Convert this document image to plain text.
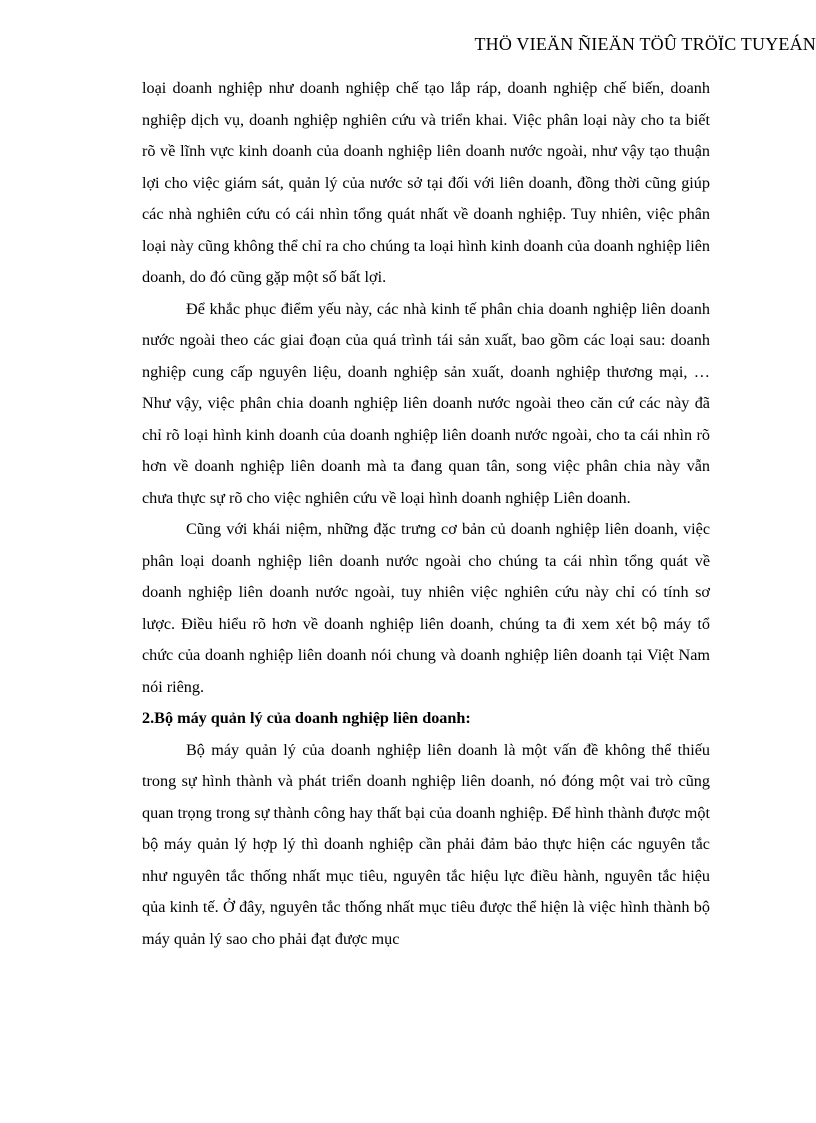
THÖ VIEÄN ÑIEÄN TÖÛ TRÖÏC TUYEÁN

loại doanh nghiệp như doanh nghiệp chế tạo lắp ráp, doanh nghiệp chế biến, doanh nghiệp dịch vụ, doanh nghiệp nghiên cứu và triển khai. Việc phân loại này cho ta biết rõ về lĩnh vực kinh doanh của doanh nghiệp liên doanh nước ngoài, như vậy tạo thuận lợi cho việc giám sát, quản lý của nước sở tại đối với liên doanh, đồng thời cũng giúp các nhà nghiên cứu có cái nhìn tổng quát nhất về doanh nghiệp. Tuy nhiên, việc phân loại này cũng không thể chỉ ra cho chúng ta loại hình kinh doanh của doanh nghiệp liên doanh, do đó cũng gặp một số bất lợi.

Để khắc phục điểm yếu này, các nhà kinh tế phân chia doanh nghiệp liên doanh nước ngoài theo các giai đoạn của quá trình tái sản xuất, bao gồm các loại sau: doanh nghiệp cung cấp nguyên liệu, doanh nghiệp sản xuất, doanh nghiệp thương mại, … Như vậy, việc phân chia doanh nghiệp liên doanh nước ngoài theo căn cứ các này đã chỉ rõ loại hình kinh doanh của doanh nghiệp liên doanh nước ngoài, cho ta cái nhìn rõ hơn về doanh nghiệp liên doanh mà ta đang quan tân, song việc phân chia này vẫn chưa thực sự rõ cho việc nghiên cứu về loại hình doanh nghiệp Liên doanh.

Cũng với khái niệm, những đặc trưng cơ bản củ doanh nghiệp liên doanh, việc phân loại doanh nghiệp liên doanh nước ngoài cho chúng ta cái nhìn tổng quát về doanh nghiệp liên doanh nước ngoài, tuy nhiên việc nghiên cứu này chỉ có tính sơ lược. Điều hiểu rõ hơn về doanh nghiệp liên doanh, chúng ta đi xem xét bộ máy tổ chức của doanh nghiệp liên doanh nói chung và doanh nghiệp liên doanh tại Việt Nam nói riêng.

2.Bộ máy quản lý của doanh nghiệp liên doanh:

Bộ máy quản lý của doanh nghiệp liên doanh là một vấn đề không thể thiếu trong sự hình thành và phát triển doanh nghiệp liên doanh, nó đóng một vai trò cũng quan trọng trong sự thành công hay thất bại của doanh nghiệp. Để hình thành được một bộ máy quản lý hợp lý thì doanh nghiệp cần phải đảm bảo thực hiện các nguyên tắc như nguyên tắc thống nhất mục tiêu, nguyên tắc hiệu lực điều hành, nguyên tắc hiệu qủa kinh tế. Ở đây, nguyên tắc thống nhất mục tiêu được thể hiện là việc hình thành bộ máy quản lý sao cho phải đạt được mục
